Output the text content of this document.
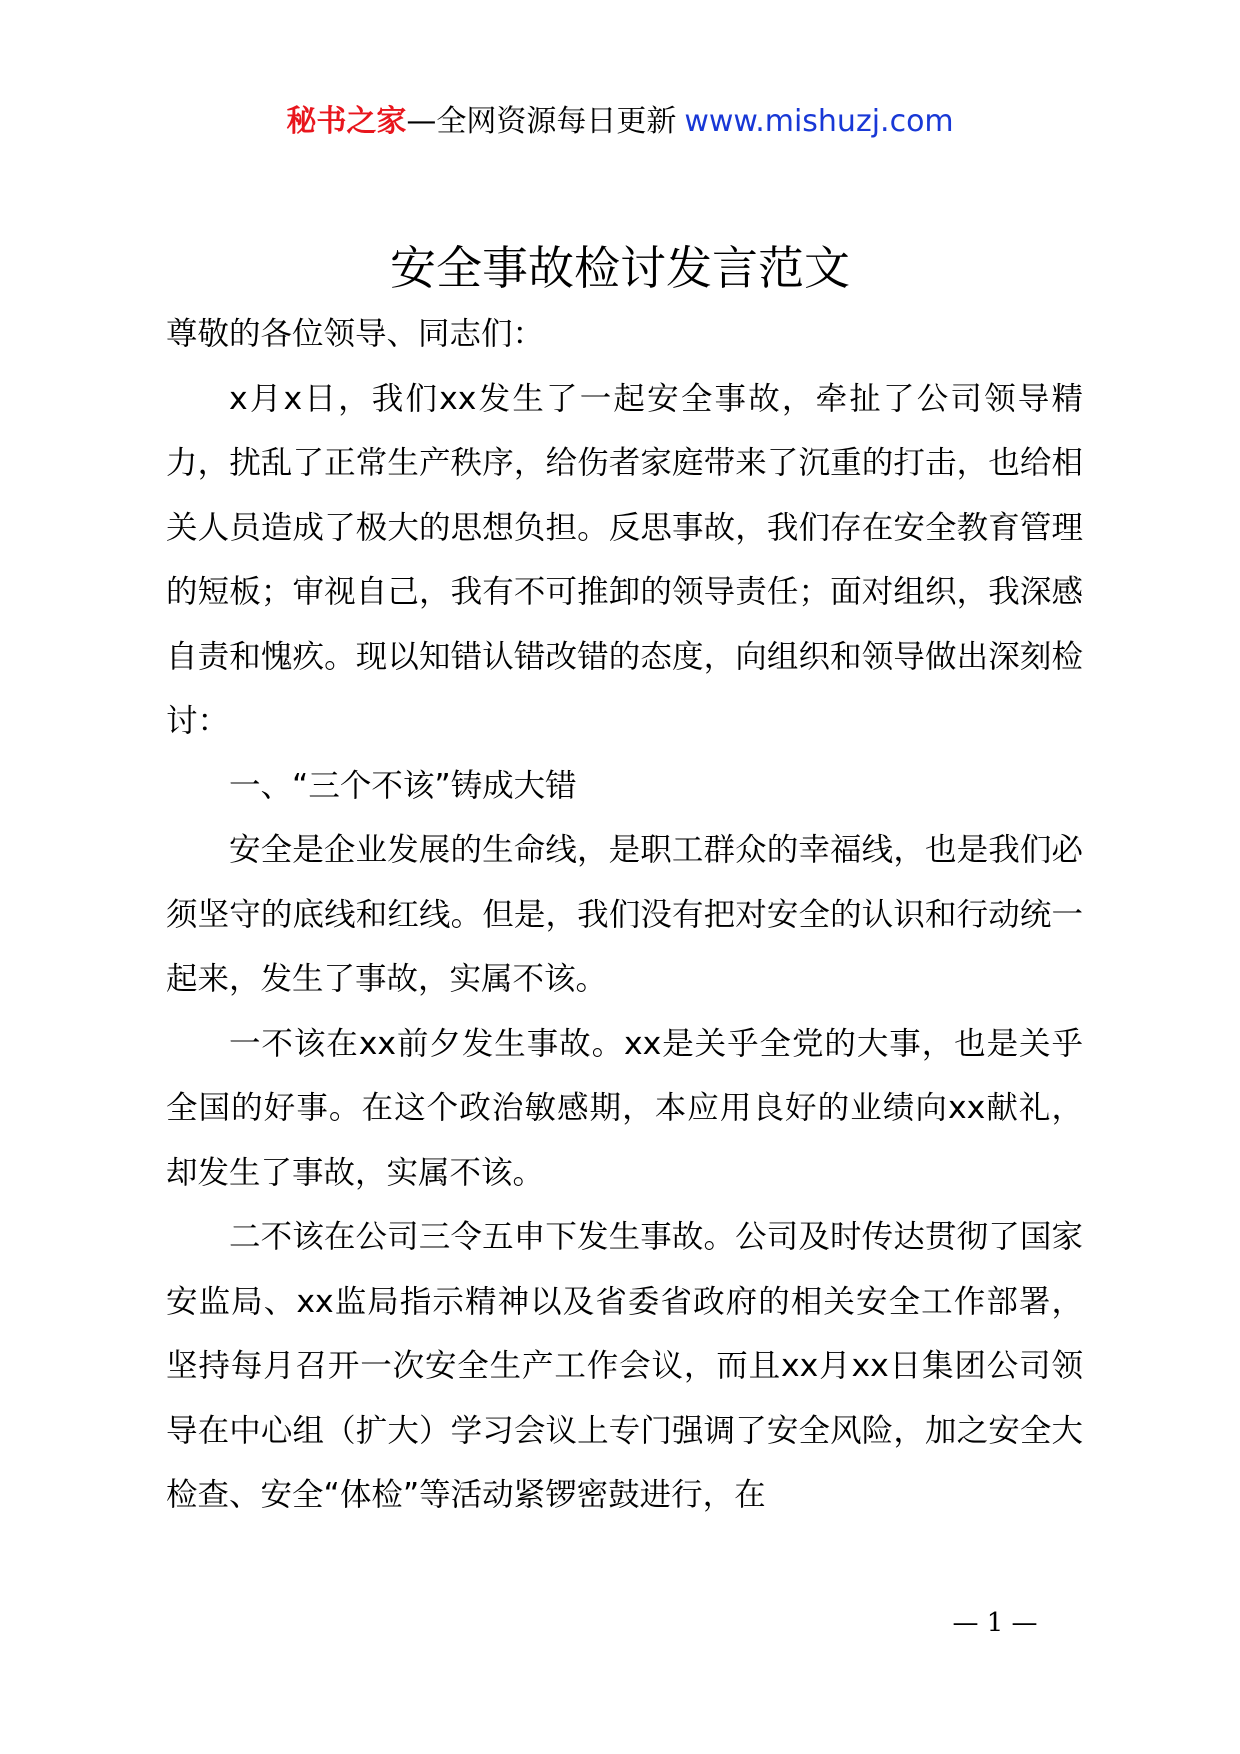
秘书之家—全网资源每日更新 www.mishuzj.com
安全事故检讨发言范文

尊敬的各位领导、同志们：

x月x日，我们xx发生了一起安全事故，牵扯了公司领导精力，扰乱了正常生产秩序，给伤者家庭带来了沉重的打击，也给相关人员造成了极大的思想负担。反思事故，我们存在安全教育管理的短板；审视自己，我有不可推卸的领导责任；面对组织，我深感自责和愧疚。现以知错认错改错的态度，向组织和领导做出深刻检讨：

一、“三个不该”铸成大错

安全是企业发展的生命线，是职工群众的幸福线，也是我们必须坚守的底线和红线。但是，我们没有把对安全的认识和行动统一起来，发生了事故，实属不该。

一不该在xx前夕发生事故。xx是关乎全党的大事，也是关乎全国的好事。在这个政治敏感期，本应用良好的业绩向xx献礼，却发生了事故，实属不该。

二不该在公司三令五申下发生事故。公司及时传达贯彻了国家安监局、xx监局指示精神以及省委省政府的相关安全工作部署，坚持每月召开一次安全生产工作会议，而且xx月xx日集团公司领导在中心组（扩大）学习会议上专门强调了安全风险，加之安全大检查、安全“体检”等活动紧锣密鼓进行，在

— 1 —
